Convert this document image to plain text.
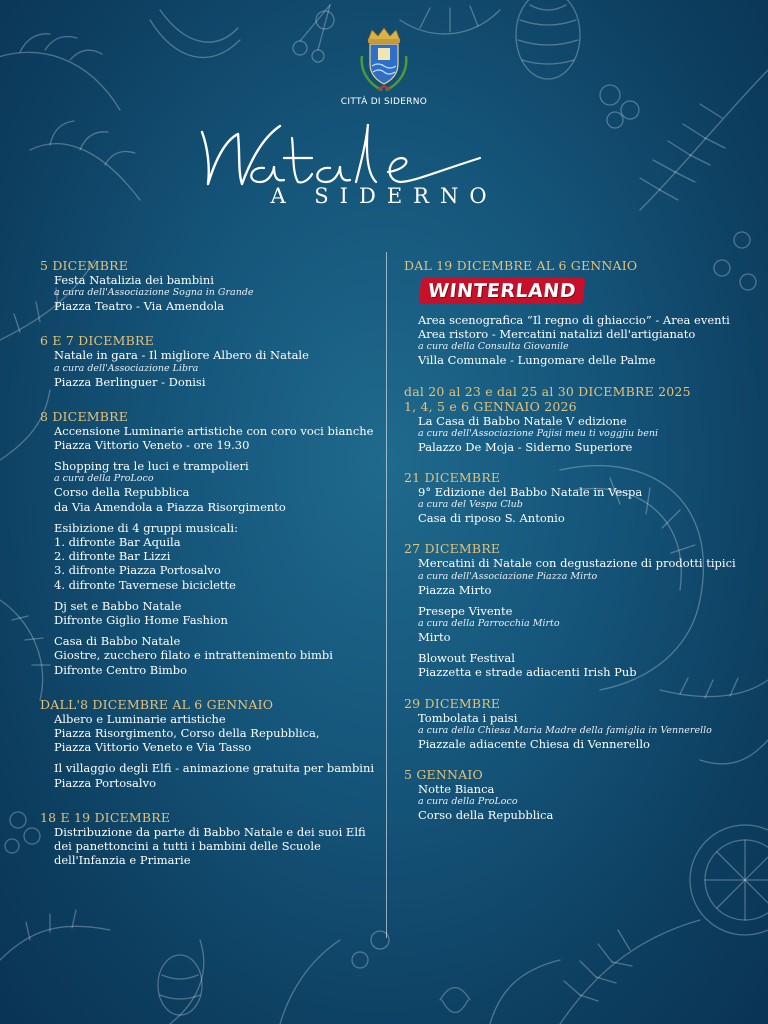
CITTÀ DI SIDERNO
A SIDERNO
5 DICEMBRE
Festa Natalizia dei bambini
a cura dell'Associazione Sogna in Grande
Piazza Teatro - Via Amendola
6 E 7 DICEMBRE
Natale in gara - Il migliore Albero di Natale
a cura dell'Associazione Libra
Piazza Berlinguer - Donisi
8 DICEMBRE
Accensione Luminarie artistiche con coro voci bianche
Piazza Vittorio Veneto - ore 19.30
Shopping tra le luci e trampolieri
a cura della ProLoco
Corso della Repubblica
da Via Amendola a Piazza Risorgimento
Esibizione di 4 gruppi musicali:
1. difronte Bar Aquila
2. difronte Bar Lizzi
3. difronte Piazza Portosalvo
4. difronte Tavernese biciclette
Dj set e Babbo Natale
Difronte Giglio Home Fashion
Casa di Babbo Natale
Giostre, zucchero filato e intrattenimento bimbi
Difronte Centro Bimbo
DALL'8 DICEMBRE AL 6 GENNAIO
Albero e Luminarie artistiche
Piazza Risorgimento, Corso della Repubblica,
Piazza Vittorio Veneto e Via Tasso
Il villaggio degli Elfi - animazione gratuita per bambini
Piazza Portosalvo
18 E 19 DICEMBRE
Distribuzione da parte di Babbo Natale e dei suoi Elfi
dei panettoncini a tutti i bambini delle Scuole
dell'Infanzia e Primarie
DAL 19 DICEMBRE AL 6 GENNAIO
WINTERLAND
Area scenografica “Il regno di ghiaccio” - Area eventi
Area ristoro - Mercatini natalizi dell'artigianato
a cura della Consulta Giovanile
Villa Comunale - Lungomare delle Palme
dal 20 al 23 e dal 25 al 30 DICEMBRE 2025
1, 4, 5 e 6 GENNAIO 2026
La Casa di Babbo Natale V edizione
a cura dell'Associazione Pajisi meu ti voggjiu beni
Palazzo De Moja - Siderno Superiore
21 DICEMBRE
9° Edizione del Babbo Natale in Vespa
a cura del Vespa Club
Casa di riposo S. Antonio
27 DICEMBRE
Mercatini di Natale con degustazione di prodotti tipici
a cura dell'Associazione Piazza Mirto
Piazza Mirto
Presepe Vivente
a cura della Parrocchia Mirto
Mirto
Blowout Festival
Piazzetta e strade adiacenti Irish Pub
29 DICEMBRE
Tombolata i paisi
a cura della Chiesa Maria Madre della famiglia in Vennerello
Piazzale adiacente Chiesa di Vennerello
5 GENNAIO
Notte Bianca
a cura della ProLoco
Corso della Repubblica
